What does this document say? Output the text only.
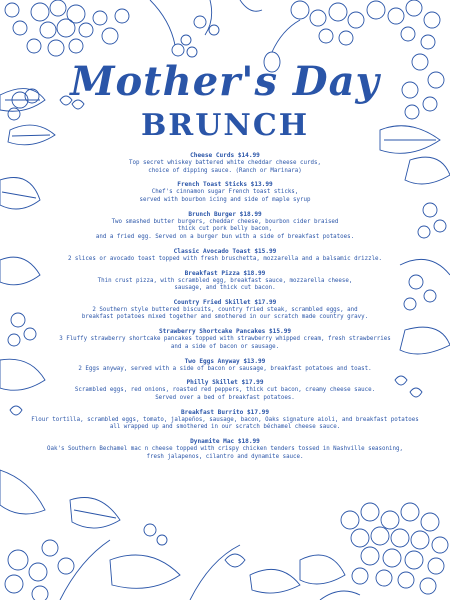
Mother's Day
BRUNCH
Cheese Curds $14.99
Top secret whiskey battered white cheddar cheese curds,
choice of dipping sauce. (Ranch or Marinara)
French Toast Sticks $13.99
Chef's cinnamon sugar French toast sticks,
served with bourbon icing and side of maple syrup
Brunch Burger $18.99
Two smashed butter burgers, cheddar cheese, bourbon cider braised
thick cut pork belly bacon,
and a fried egg. Served on a burger bun with a side of breakfast potatoes.
Classic Avocado Toast $15.99
2 slices or avocado toast topped with fresh bruschetta, mozzarella and a balsamic drizzle.
Breakfast Pizza $18.99
Thin crust pizza, with scrambled egg, breakfast sauce, mozzarella cheese,
sausage, and thick cut bacon.
Country Fried Skillet $17.99
2 Southern style buttered biscuits, country fried steak, scrambled eggs, and
breakfast potatoes mixed together and smothered in our scratch made country gravy.
Strawberry Shortcake Pancakes $15.99
3 Fluffy strawberry shortcake pancakes topped with strawberry whipped cream, fresh strawberries
and a side of bacon or sausage.
Two Eggs Anyway $13.99
2 Eggs anyway, served with a side of bacon or sausage, breakfast potatoes and toast.
Philly Skillet $17.99
Scrambled eggs, red onions, roasted red peppers, thick cut bacon, creamy cheese sauce.
Served over a bed of breakfast potatoes.
Breakfast Burrito $17.99
Flour tortilla, scrambled eggs, tomato, jalapeños, sausage, bacon, Oaks signature aioli, and breakfast potatoes
all wrapped up and smothered in our scratch béchamel cheese sauce.
Dynamite Mac $18.99
Oak's Southern Bechamel mac n cheese topped with crispy chicken tenders tossed in Nashville seasoning,
fresh jalapenos, cilantro and dynamite sauce.
